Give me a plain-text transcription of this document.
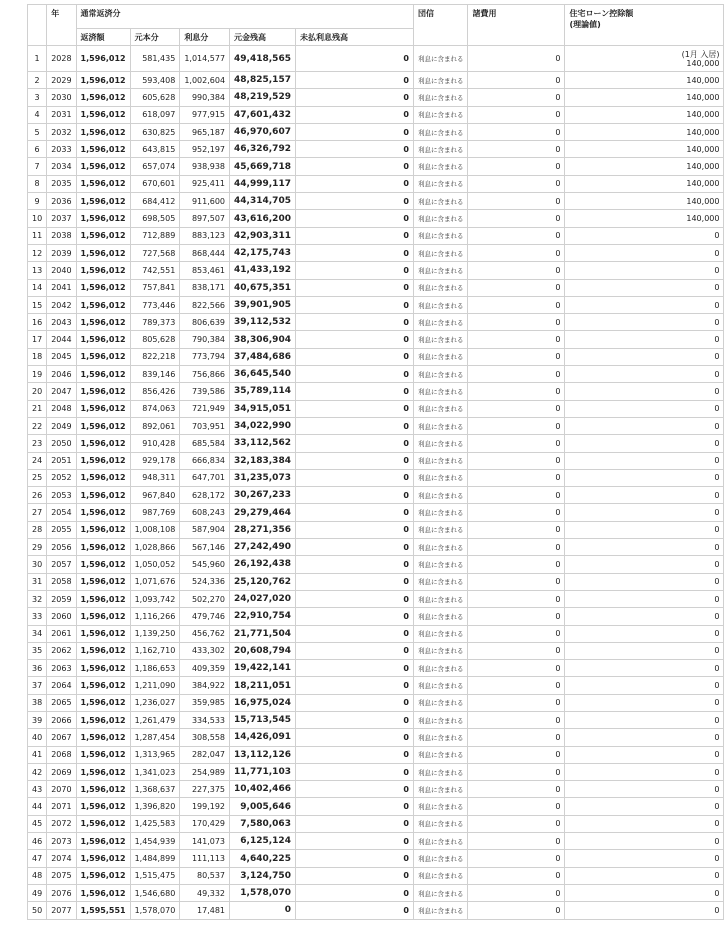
	年	通常返済分					団信	諸費用	住宅ローン控除額
(理論値)
		返済額	元本分	利息分	元金残高	未払利息残高			
1	2028	1,596,012	581,435	1,014,577	49,418,565	0	利息に含まれる	0	(1月 入居)
140,000

2	2029	1,596,012	593,408	1,002,604	48,825,157	0	利息に含まれる	0	140,000
3	2030	1,596,012	605,628	990,384	48,219,529	0	利息に含まれる	0	140,000
4	2031	1,596,012	618,097	977,915	47,601,432	0	利息に含まれる	0	140,000
5	2032	1,596,012	630,825	965,187	46,970,607	0	利息に含まれる	0	140,000
6	2033	1,596,012	643,815	952,197	46,326,792	0	利息に含まれる	0	140,000
7	2034	1,596,012	657,074	938,938	45,669,718	0	利息に含まれる	0	140,000
8	2035	1,596,012	670,601	925,411	44,999,117	0	利息に含まれる	0	140,000
9	2036	1,596,012	684,412	911,600	44,314,705	0	利息に含まれる	0	140,000
10	2037	1,596,012	698,505	897,507	43,616,200	0	利息に含まれる	0	140,000
11	2038	1,596,012	712,889	883,123	42,903,311	0	利息に含まれる	0	0
12	2039	1,596,012	727,568	868,444	42,175,743	0	利息に含まれる	0	0
13	2040	1,596,012	742,551	853,461	41,433,192	0	利息に含まれる	0	0
14	2041	1,596,012	757,841	838,171	40,675,351	0	利息に含まれる	0	0
15	2042	1,596,012	773,446	822,566	39,901,905	0	利息に含まれる	0	0
16	2043	1,596,012	789,373	806,639	39,112,532	0	利息に含まれる	0	0
17	2044	1,596,012	805,628	790,384	38,306,904	0	利息に含まれる	0	0
18	2045	1,596,012	822,218	773,794	37,484,686	0	利息に含まれる	0	0
19	2046	1,596,012	839,146	756,866	36,645,540	0	利息に含まれる	0	0
20	2047	1,596,012	856,426	739,586	35,789,114	0	利息に含まれる	0	0
21	2048	1,596,012	874,063	721,949	34,915,051	0	利息に含まれる	0	0
22	2049	1,596,012	892,061	703,951	34,022,990	0	利息に含まれる	0	0
23	2050	1,596,012	910,428	685,584	33,112,562	0	利息に含まれる	0	0
24	2051	1,596,012	929,178	666,834	32,183,384	0	利息に含まれる	0	0
25	2052	1,596,012	948,311	647,701	31,235,073	0	利息に含まれる	0	0
26	2053	1,596,012	967,840	628,172	30,267,233	0	利息に含まれる	0	0
27	2054	1,596,012	987,769	608,243	29,279,464	0	利息に含まれる	0	0
28	2055	1,596,012	1,008,108	587,904	28,271,356	0	利息に含まれる	0	0
29	2056	1,596,012	1,028,866	567,146	27,242,490	0	利息に含まれる	0	0
30	2057	1,596,012	1,050,052	545,960	26,192,438	0	利息に含まれる	0	0
31	2058	1,596,012	1,071,676	524,336	25,120,762	0	利息に含まれる	0	0
32	2059	1,596,012	1,093,742	502,270	24,027,020	0	利息に含まれる	0	0
33	2060	1,596,012	1,116,266	479,746	22,910,754	0	利息に含まれる	0	0
34	2061	1,596,012	1,139,250	456,762	21,771,504	0	利息に含まれる	0	0
35	2062	1,596,012	1,162,710	433,302	20,608,794	0	利息に含まれる	0	0
36	2063	1,596,012	1,186,653	409,359	19,422,141	0	利息に含まれる	0	0
37	2064	1,596,012	1,211,090	384,922	18,211,051	0	利息に含まれる	0	0
38	2065	1,596,012	1,236,027	359,985	16,975,024	0	利息に含まれる	0	0
39	2066	1,596,012	1,261,479	334,533	15,713,545	0	利息に含まれる	0	0
40	2067	1,596,012	1,287,454	308,558	14,426,091	0	利息に含まれる	0	0
41	2068	1,596,012	1,313,965	282,047	13,112,126	0	利息に含まれる	0	0
42	2069	1,596,012	1,341,023	254,989	11,771,103	0	利息に含まれる	0	0
43	2070	1,596,012	1,368,637	227,375	10,402,466	0	利息に含まれる	0	0
44	2071	1,596,012	1,396,820	199,192	9,005,646	0	利息に含まれる	0	0
45	2072	1,596,012	1,425,583	170,429	7,580,063	0	利息に含まれる	0	0
46	2073	1,596,012	1,454,939	141,073	6,125,124	0	利息に含まれる	0	0
47	2074	1,596,012	1,484,899	111,113	4,640,225	0	利息に含まれる	0	0
48	2075	1,596,012	1,515,475	80,537	3,124,750	0	利息に含まれる	0	0
49	2076	1,596,012	1,546,680	49,332	1,578,070	0	利息に含まれる	0	0
50	2077	1,595,551	1,578,070	17,481	0	0	利息に含まれる	0	0
